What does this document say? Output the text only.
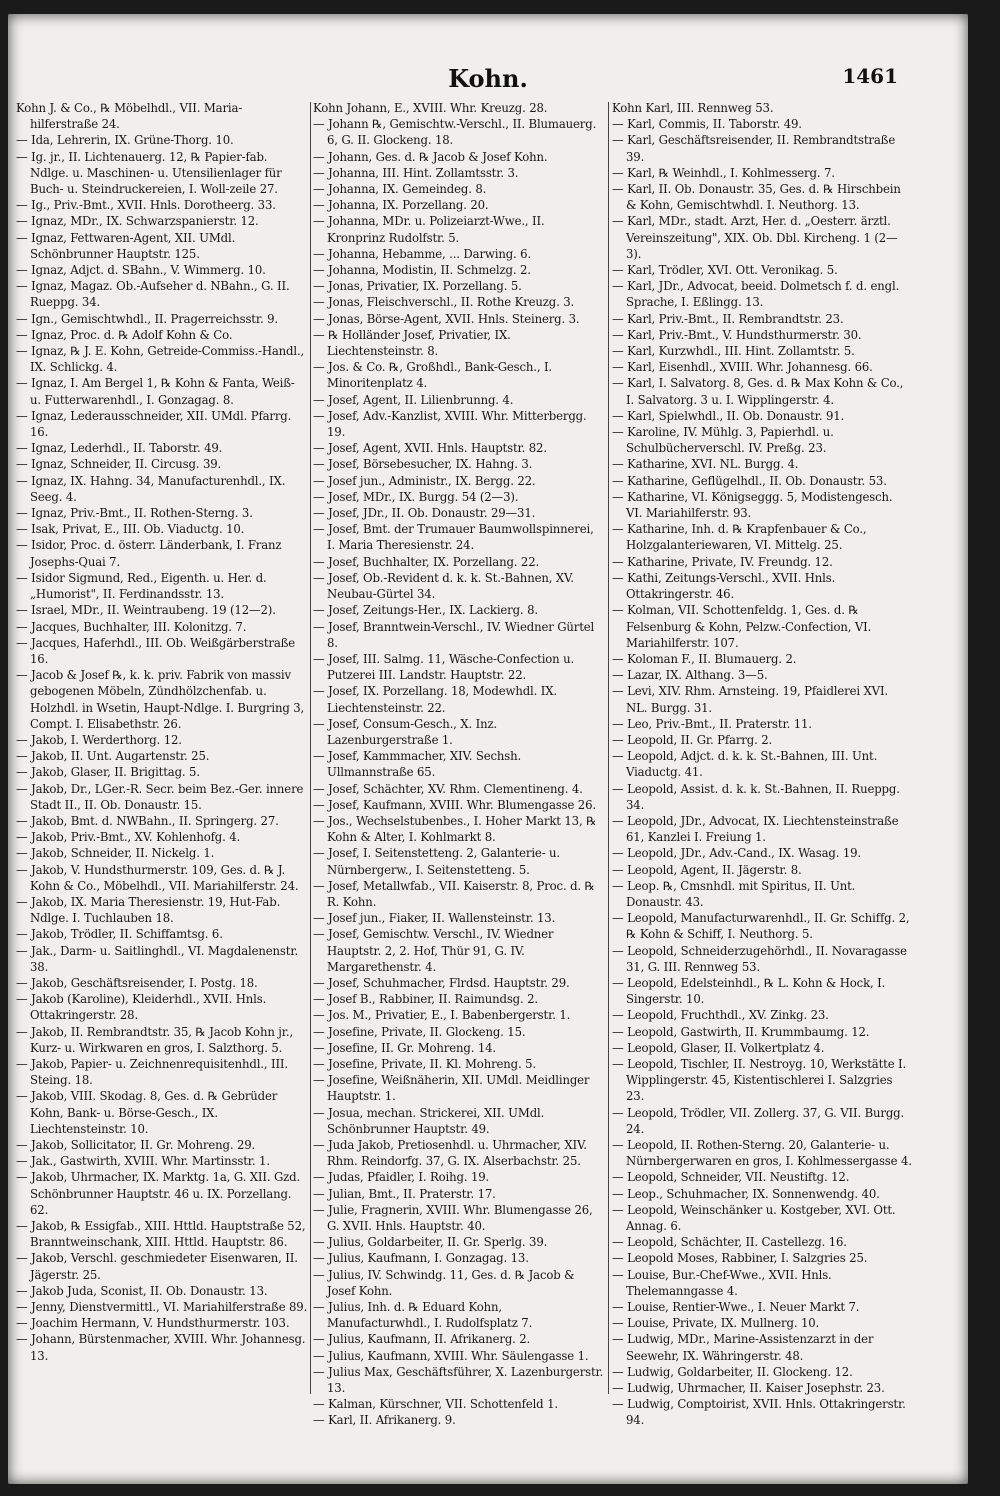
Kohn.	1461

Kohn J. & Co., ℞ Möbelhdl., VII. Maria-hilferstraße 24.

— Ida, Lehrerin, IX. Grüne-Thorg. 10.

— Ig. jr., II. Lichtenauerg. 12, ℞ Papier-fab. Ndlge. u. Maschinen- u. Utensilienlager für Buch- u. Steindruckereien, I. Woll-zeile 27.

— Ig., Priv.-Bmt., XVII. Hnls. Dorotheerg. 33.

— Ignaz, MDr., IX. Schwarzspanierstr. 12.

— Ignaz, Fettwaren-Agent, XII. UMdl. Schönbrunner Hauptstr. 125.

— Ignaz, Adjct. d. SBahn., V. Wimmerg. 10.

— Ignaz, Magaz. Ob.-Aufseher d. NBahn., G. II. Rueppg. 34.

— Ign., Gemischtwhdl., II. Pragerreichsstr. 9.

— Ignaz, Proc. d. ℞ Adolf Kohn & Co.

— Ignaz, ℞ J. E. Kohn, Getreide-Commiss.-Handl., IX. Schlickg. 4.

— Ignaz, I. Am Bergel 1, ℞ Kohn & Fanta, Weiß- u. Futterwarenhdl., I. Gonzagag. 8.

— Ignaz, Lederausschneider, XII. UMdl. Pfarrg. 16.

— Ignaz, Lederhdl., II. Taborstr. 49.

— Ignaz, Schneider, II. Circusg. 39.

— Ignaz, IX. Hahng. 34, Manufacturenhdl., IX. Seeg. 4.

— Ignaz, Priv.-Bmt., II. Rothen-Sterng. 3.

— Isak, Privat, E., III. Ob. Viaductg. 10.

— Isidor, Proc. d. österr. Länderbank, I. Franz Josephs-Quai 7.

— Isidor Sigmund, Red., Eigenth. u. Her. d. „Humorist", II. Ferdinandsstr. 13.

— Israel, MDr., II. Weintraubeng. 19 (12—2).

— Jacques, Buchhalter, III. Kolonitzg. 7.

— Jacques, Haferhdl., III. Ob. Weißgärberstraße 16.

— Jacob & Josef ℞, k. k. priv. Fabrik von massiv gebogenen Möbeln, Zündhölzchenfab. u. Holzhdl. in Wsetin, Haupt-Ndlge. I. Burgring 3, Compt. I. Elisabethstr. 26.

— Jakob, I. Werderthorg. 12.

— Jakob, II. Unt. Augartenstr. 25.

— Jakob, Glaser, II. Brigittag. 5.

— Jakob, Dr., LGer.-R. Secr. beim Bez.-Ger. innere Stadt II., II. Ob. Donaustr. 15.

— Jakob, Bmt. d. NWBahn., II. Springerg. 27.

— Jakob, Priv.-Bmt., XV. Kohlenhofg. 4.

— Jakob, Schneider, II. Nickelg. 1.

— Jakob, V. Hundsthurmerstr. 109, Ges. d. ℞ J. Kohn & Co., Möbelhdl., VII. Mariahilferstr. 24.

— Jakob, IX. Maria Theresienstr. 19, Hut-Fab. Ndlge. I. Tuchlauben 18.

— Jakob, Trödler, II. Schiffamtsg. 6.

— Jak., Darm- u. Saitlinghdl., VI. Magdalenenstr. 38.

— Jakob, Geschäftsreisender, I. Postg. 18.

— Jakob (Karoline), Kleiderhdl., XVII. Hnls. Ottakringerstr. 28.

— Jakob, II. Rembrandtstr. 35, ℞ Jacob Kohn jr., Kurz- u. Wirkwaren en gros, I. Salzthorg. 5.

— Jakob, Papier- u. Zeichnenrequisitenhdl., III. Steing. 18.

— Jakob, VIII. Skodag. 8, Ges. d. ℞ Gebrüder Kohn, Bank- u. Börse-Gesch., IX. Liechtensteinstr. 10.

— Jakob, Sollicitator, II. Gr. Mohreng. 29.

— Jak., Gastwirth, XVIII. Whr. Martinsstr. 1.

— Jakob, Uhrmacher, IX. Marktg. 1a, G. XII. Gzd. Schönbrunner Hauptstr. 46 u. IX. Porzellang. 62.

— Jakob, ℞ Essigfab., XIII. Httld. Hauptstraße 52, Branntweinschank, XIII. Httld. Hauptstr. 86.

— Jakob, Verschl. geschmiedeter Eisenwaren, II. Jägerstr. 25.

— Jakob Juda, Sconist, II. Ob. Donaustr. 13.

— Jenny, Dienstvermittl., VI. Mariahilferstraße 89.

— Joachim Hermann, V. Hundsthurmerstr. 103.

— Johann, Bürstenmacher, XVIII. Whr. Johannesg. 13.

Kohn Johann, E., XVIII. Whr. Kreuzg. 28.

— Johann ℞, Gemischtw.-Verschl., II. Blumauerg. 6, G. II. Glockeng. 18.

— Johann, Ges. d. ℞ Jacob & Josef Kohn.

— Johanna, III. Hint. Zollamtsstr. 3.

— Johanna, IX. Gemeindeg. 8.

— Johanna, IX. Porzellang. 20.

— Johanna, MDr. u. Polizeiarzt-Wwe., II. Kronprinz Rudolfstr. 5.

— Johanna, Hebamme, ... Darwing. 6.

— Johanna, Modistin, II. Schmelzg. 2.

— Jonas, Privatier, IX. Porzellang. 5.

— Jonas, Fleischverschl., II. Rothe Kreuzg. 3.

— Jonas, Börse-Agent, XVII. Hnls. Steinerg. 3.

— ℞ Holländer Josef, Privatier, IX. Liechtensteinstr. 8.

— Jos. & Co. ℞, Großhdl., Bank-Gesch., I. Minoritenplatz 4.

— Josef, Agent, II. Lilienbrunng. 4.

— Josef, Adv.-Kanzlist, XVIII. Whr. Mitterbergg. 19.

— Josef, Agent, XVII. Hnls. Hauptstr. 82.

— Josef, Börsebesucher, IX. Hahng. 3.

— Josef jun., Administr., IX. Bergg. 22.

— Josef, MDr., IX. Burgg. 54 (2—3).

— Josef, JDr., II. Ob. Donaustr. 29—31.

— Josef, Bmt. der Trumauer Baumwollspinnerei, I. Maria Theresienstr. 24.

— Josef, Buchhalter, IX. Porzellang. 22.

— Josef, Ob.-Revident d. k. k. St.-Bahnen, XV. Neubau-Gürtel 34.

— Josef, Zeitungs-Her., IX. Lackierg. 8.

— Josef, Branntwein-Verschl., IV. Wiedner Gürtel 8.

— Josef, III. Salmg. 11, Wäsche-Confection u. Putzerei III. Landstr. Hauptstr. 22.

— Josef, IX. Porzellang. 18, Modewhdl. IX. Liechtensteinstr. 22.

— Josef, Consum-Gesch., X. Inz. Lazenburgerstraße 1.

— Josef, Kammmacher, XIV. Sechsh. Ullmannstraße 65.

— Josef, Schächter, XV. Rhm. Clementineng. 4.

— Josef, Kaufmann, XVIII. Whr. Blumengasse 26.

— Jos., Wechselstubenbes., I. Hoher Markt 13, ℞ Kohn & Alter, I. Kohlmarkt 8.

— Josef, I. Seitenstetteng. 2, Galanterie- u. Nürnbergerw., I. Seitenstetteng. 5.

— Josef, Metallwfab., VII. Kaiserstr. 8, Proc. d. ℞ R. Kohn.

— Josef jun., Fiaker, II. Wallensteinstr. 13.

— Josef, Gemischtw. Verschl., IV. Wiedner Hauptstr. 2, 2. Hof, Thür 91, G. IV. Margarethenstr. 4.

— Josef, Schuhmacher, Flrdsd. Hauptstr. 29.

— Josef B., Rabbiner, II. Raimundsg. 2.

— Jos. M., Privatier, E., I. Babenbergerstr. 1.

— Josefine, Private, II. Glockeng. 15.

— Josefine, II. Gr. Mohreng. 14.

— Josefine, Private, II. Kl. Mohreng. 5.

— Josefine, Weißnäherin, XII. UMdl. Meidlinger Hauptstr. 1.

— Josua, mechan. Strickerei, XII. UMdl. Schönbrunner Hauptstr. 49.

— Juda Jakob, Pretiosenhdl. u. Uhrmacher, XIV. Rhm. Reindorfg. 37, G. IX. Alserbachstr. 25.

— Judas, Pfaidler, I. Roihg. 19.

— Julian, Bmt., II. Praterstr. 17.

— Julie, Fragnerin, XVIII. Whr. Blumengasse 26, G. XVII. Hnls. Hauptstr. 40.

— Julius, Goldarbeiter, II. Gr. Sperlg. 39.

— Julius, Kaufmann, I. Gonzagag. 13.

— Julius, IV. Schwindg. 11, Ges. d. ℞ Jacob & Josef Kohn.

— Julius, Inh. d. ℞ Eduard Kohn, Manufacturwhdl., I. Rudolfsplatz 7.

— Julius, Kaufmann, II. Afrikanerg. 2.

— Julius, Kaufmann, XVIII. Whr. Säulengasse 1.

— Julius Max, Geschäftsführer, X. Lazenburgerstr. 13.

— Kalman, Kürschner, VII. Schottenfeld 1.

— Karl, II. Afrikanerg. 9.

Kohn Karl, III. Rennweg 53.

— Karl, Commis, II. Taborstr. 49.

— Karl, Geschäftsreisender, II. Rembrandtstraße 39.

— Karl, ℞ Weinhdl., I. Kohlmesserg. 7.

— Karl, II. Ob. Donaustr. 35, Ges. d. ℞ Hirschbein & Kohn, Gemischtwhdl. I. Neuthorg. 13.

— Karl, MDr., stadt. Arzt, Her. d. „Oesterr. ärztl. Vereinszeitung", XIX. Ob. Dbl. Kircheng. 1 (2—3).

— Karl, Trödler, XVI. Ott. Veronikag. 5.

— Karl, JDr., Advocat, beeid. Dolmetsch f. d. engl. Sprache, I. Eßlingg. 13.

— Karl, Priv.-Bmt., II. Rembrandtstr. 23.

— Karl, Priv.-Bmt., V. Hundsthurmerstr. 30.

— Karl, Kurzwhdl., III. Hint. Zollamtstr. 5.

— Karl, Eisenhdl., XVIII. Whr. Johannesg. 66.

— Karl, I. Salvatorg. 8, Ges. d. ℞ Max Kohn & Co., I. Salvatorg. 3 u. I. Wipplingerstr. 4.

— Karl, Spielwhdl., II. Ob. Donaustr. 91.

— Karoline, IV. Mühlg. 3, Papierhdl. u. Schulbücherverschl. IV. Preßg. 23.

— Katharine, XVI. NL. Burgg. 4.

— Katharine, Geflügelhdl., II. Ob. Donaustr. 53.

— Katharine, VI. Königseggg. 5, Modistengesch. VI. Mariahilferstr. 93.

— Katharine, Inh. d. ℞ Krapfenbauer & Co., Holzgalanteriewaren, VI. Mittelg. 25.

— Katharine, Private, IV. Freundg. 12.

— Kathi, Zeitungs-Verschl., XVII. Hnls. Ottakringerstr. 46.

— Kolman, VII. Schottenfeldg. 1, Ges. d. ℞ Felsenburg & Kohn, Pelzw.-Confection, VI. Mariahilferstr. 107.

— Koloman F., II. Blumauerg. 2.

— Lazar, IX. Althang. 3—5.

— Levi, XIV. Rhm. Arnsteing. 19, Pfaidlerei XVI. NL. Burgg. 31.

— Leo, Priv.-Bmt., II. Praterstr. 11.

— Leopold, II. Gr. Pfarrg. 2.

— Leopold, Adjct. d. k. k. St.-Bahnen, III. Unt. Viaductg. 41.

— Leopold, Assist. d. k. k. St.-Bahnen, II. Rueppg. 34.

— Leopold, JDr., Advocat, IX. Liechtensteinstraße 61, Kanzlei I. Freiung 1.

— Leopold, JDr., Adv.-Cand., IX. Wasag. 19.

— Leopold, Agent, II. Jägerstr. 8.

— Leop. ℞, Cmsnhdl. mit Spiritus, II. Unt. Donaustr. 43.

— Leopold, Manufacturwarenhdl., II. Gr. Schiffg. 2, ℞ Kohn & Schiff, I. Neuthorg. 5.

— Leopold, Schneiderzugehörhdl., II. Novaragasse 31, G. III. Rennweg 53.

— Leopold, Edelsteinhdl., ℞ L. Kohn & Hock, I. Singerstr. 10.

— Leopold, Fruchthdl., XV. Zinkg. 23.

— Leopold, Gastwirth, II. Krummbaumg. 12.

— Leopold, Glaser, II. Volkertplatz 4.

— Leopold, Tischler, II. Nestroyg. 10, Werkstätte I. Wipplingerstr. 45, Kistentischlerei I. Salzgries 23.

— Leopold, Trödler, VII. Zollerg. 37, G. VII. Burgg. 24.

— Leopold, II. Rothen-Sterng. 20, Galanterie- u. Nürnbergerwaren en gros, I. Kohlmessergasse 4.

— Leopold, Schneider, VII. Neustiftg. 12.

— Leop., Schuhmacher, IX. Sonnenwendg. 40.

— Leopold, Weinschänker u. Kostgeber, XVI. Ott. Annag. 6.

— Leopold, Schächter, II. Castellezg. 16.

— Leopold Moses, Rabbiner, I. Salzgries 25.

— Louise, Bur.-Chef-Wwe., XVII. Hnls. Thelemanngasse 4.

— Louise, Rentier-Wwe., I. Neuer Markt 7.

— Louise, Private, IX. Mullnerg. 10.

— Ludwig, MDr., Marine-Assistenzarzt in der Seewehr, IX. Währingerstr. 48.

— Ludwig, Goldarbeiter, II. Glockeng. 12.

— Ludwig, Uhrmacher, II. Kaiser Josephstr. 23.

— Ludwig, Comptoirist, XVII. Hnls. Ottakringerstr. 94.
